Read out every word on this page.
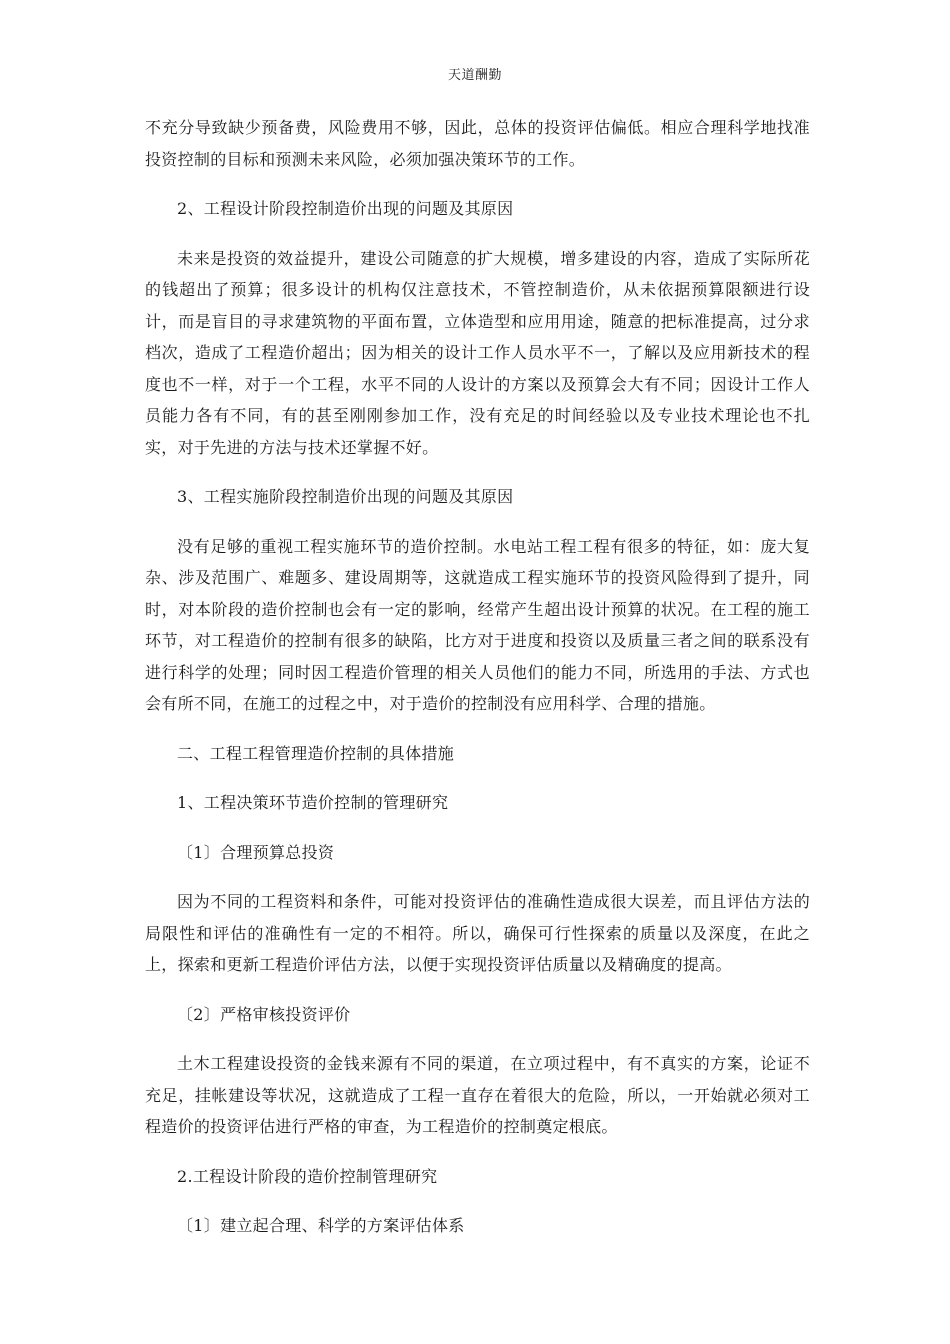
天道酬勤

不充分导致缺少预备费，风险费用不够，因此，总体的投资评估偏低。相应合理科学地找准投资控制的目标和预测未来风险，必须加强决策环节的工作。

2、工程设计阶段控制造价出现的问题及其原因

未来是投资的效益提升，建设公司随意的扩大规模，增多建设的内容，造成了实际所花的钱超出了预算；很多设计的机构仅注意技术，不管控制造价，从未依据预算限额进行设计，而是盲目的寻求建筑物的平面布置，立体造型和应用用途，随意的把标准提高，过分求档次，造成了工程造价超出；因为相关的设计工作人员水平不一，了解以及应用新技术的程度也不一样，对于一个工程，水平不同的人设计的方案以及预算会大有不同；因设计工作人员能力各有不同，有的甚至刚刚参加工作，没有充足的时间经验以及专业技术理论也不扎实，对于先进的方法与技术还掌握不好。

3、工程实施阶段控制造价出现的问题及其原因

没有足够的重视工程实施环节的造价控制。水电站工程工程有很多的特征，如：庞大复杂、涉及范围广、难题多、建设周期等，这就造成工程实施环节的投资风险得到了提升，同时，对本阶段的造价控制也会有一定的影响，经常产生超出设计预算的状况。在工程的施工环节，对工程造价的控制有很多的缺陷，比方对于进度和投资以及质量三者之间的联系没有进行科学的处理；同时因工程造价管理的相关人员他们的能力不同，所选用的手法、方式也会有所不同，在施工的过程之中，对于造价的控制没有应用科学、合理的措施。

二、工程工程管理造价控制的具体措施

1、工程决策环节造价控制的管理研究

〔1〕合理预算总投资

因为不同的工程资料和条件，可能对投资评估的准确性造成很大误差，而且评估方法的局限性和评估的准确性有一定的不相符。所以，确保可行性探索的质量以及深度，在此之上，探索和更新工程造价评估方法，以便于实现投资评估质量以及精确度的提高。

〔2〕严格审核投资评价

土木工程建设投资的金钱来源有不同的渠道，在立项过程中，有不真实的方案，论证不充足，挂帐建设等状况，这就造成了工程一直存在着很大的危险，所以，一开始就必须对工程造价的投资评估进行严格的审查，为工程造价的控制奠定根底。

2.工程设计阶段的造价控制管理研究

〔1〕建立起合理、科学的方案评估体系
